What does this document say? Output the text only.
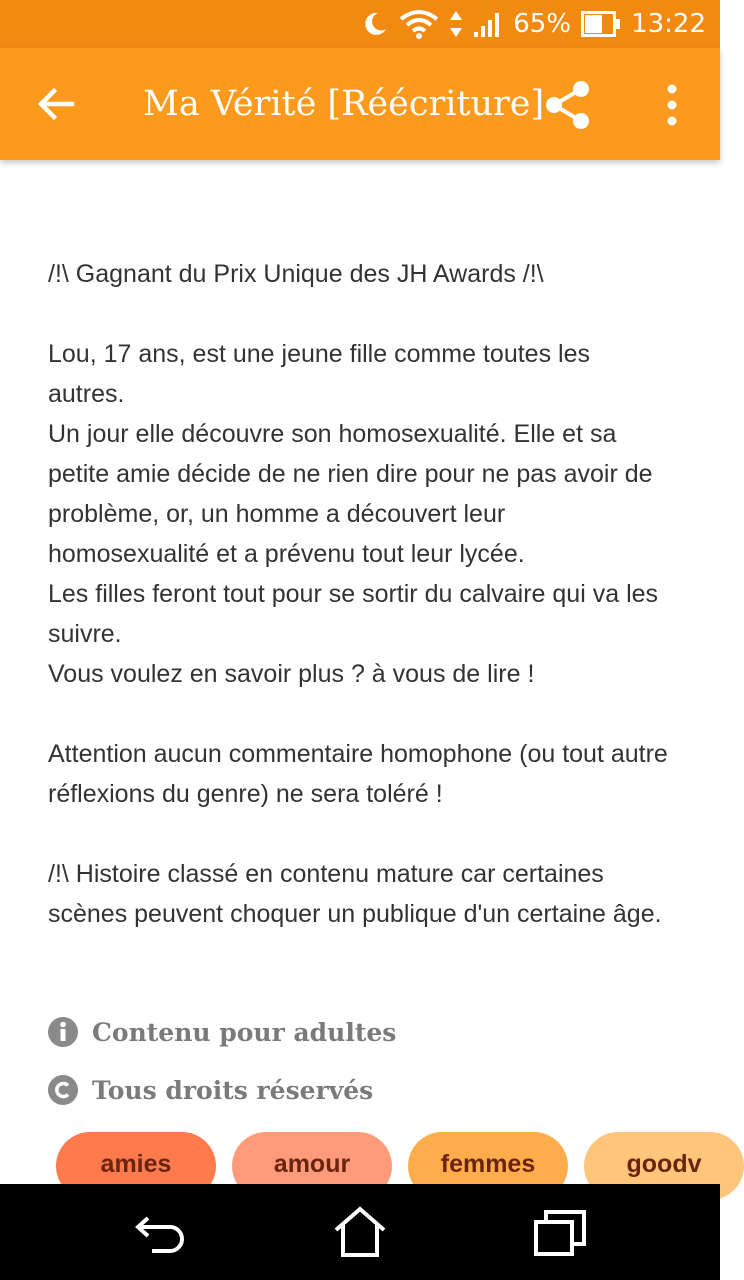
65% 13:22
Ma Vérité [Réécriture]
/!\ Gagnant du Prix Unique des JH Awards /!\

Lou, 17 ans, est une jeune fille comme toutes les autres.
Un jour elle découvre son homosexualité. Elle et sa petite amie décide de ne rien dire pour ne pas avoir de problème, or, un homme a découvert leur homosexualité et a prévenu tout leur lycée.
Les filles feront tout pour se sortir du calvaire qui va les suivre.
Vous voulez en savoir plus ? à vous de lire !

Attention aucun commentaire homophone (ou tout autre réflexions du genre) ne sera toléré !

/!\ Histoire classé en contenu mature car certaines scènes peuvent choquer un publique d'un certaine âge.
Contenu pour adultes
Tous droits réservés
amies	amour	femmes	goodv
